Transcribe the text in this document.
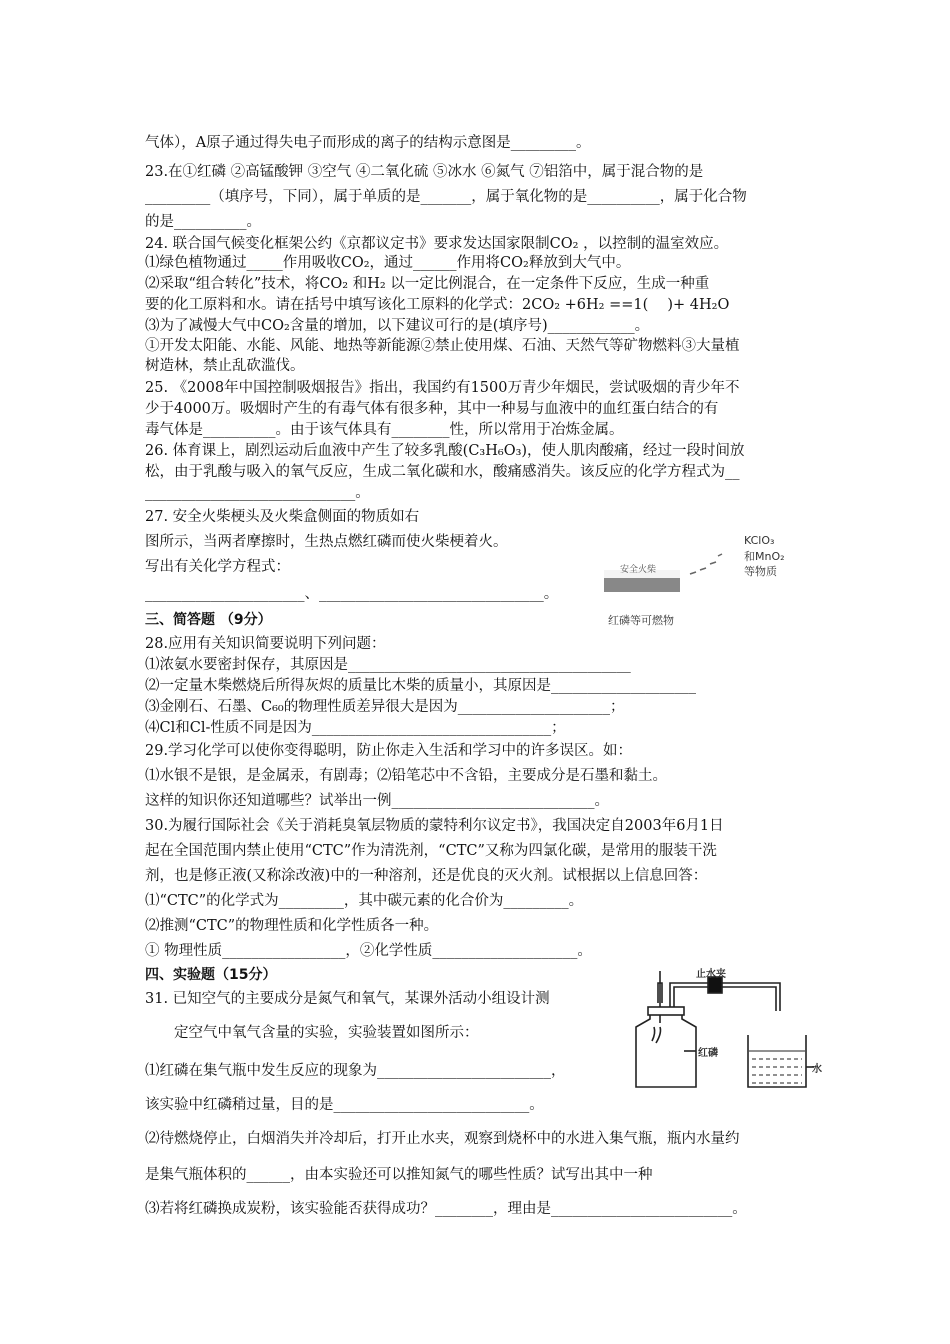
气体），A原子通过得失电子而形成的离子的结构示意图是_________。
23.在①红磷 ②高锰酸钾 ③空气 ④二氧化硫 ⑤冰水 ⑥氮气 ⑦铝箔中，属于混合物的是
_________（填序号，下同），属于单质的是_______，属于氧化物的是__________，属于化合物
的是__________。
24. 联合国气候变化框架公约《京都议定书》要求发达国家限制CO₂ ，以控制的温室效应。
⑴绿色植物通过_____作用吸收CO₂，通过______作用将CO₂释放到大气中。
⑵采取“组合转化”技术，将CO₂ 和H₂ 以一定比例混合，在一定条件下反应，生成一种重
要的化工原料和水。请在括号中填写该化工原料的化学式：2CO₂ +6H₂ ==1(　 )+ 4H₂O
⑶为了减慢大气中CO₂含量的增加，以下建议可行的是(填序号)____________。
①开发太阳能、水能、风能、地热等新能源②禁止使用煤、石油、天然气等矿物燃料③大量植
树造林，禁止乱砍滥伐。
25. 《2008年中国控制吸烟报告》指出，我国约有1500万青少年烟民，尝试吸烟的青少年不
少于4000万。吸烟时产生的有毒气体有很多种，其中一种易与血液中的血红蛋白结合的有
毒气体是__________。由于该气体具有________性，所以常用于冶炼金属。
26. 体育课上，剧烈运动后血液中产生了较多乳酸(C₃H₆O₃)，使人肌肉酸痛，经过一段时间放
松，由于乳酸与吸入的氧气反应，生成二氧化碳和水，酸痛感消失。该反应的化学方程式为__
_____________________________。
27. 安全火柴梗头及火柴盒侧面的物质如右
图所示，当两者摩擦时，生热点燃红磷而使火柴梗着火。
写出有关化学方程式：
______________________、_______________________________。
三、简答题 （9分）
28.应用有关知识简要说明下列问题：
⑴浓氨水要密封保存，其原因是_______________________________________
⑵一定量木柴燃烧后所得灰烬的质量比木柴的质量小，其原因是____________________
⑶金刚石、石墨、C₆₀的物理性质差异很大是因为_____________________；
⑷Cl和Cl-性质不同是因为_________________________________；
29.学习化学可以使你变得聪明，防止你走入生活和学习中的许多误区。如：
⑴水银不是银，是金属汞，有剧毒；⑵铅笔芯中不含铅，主要成分是石墨和黏土。
这样的知识你还知道哪些？试举出一例____________________________。
30.为履行国际社会《关于消耗臭氧层物质的蒙特利尔议定书》，我国决定自2003年6月1日
起在全国范围内禁止使用“CTC”作为清洗剂，“CTC”又称为四氯化碳，是常用的服装干洗
剂，也是修正液(又称涂改液)中的一种溶剂，还是优良的灭火剂。试根据以上信息回答：
⑴“CTC”的化学式为_________，其中碳元素的化合价为_________。
⑵推测“CTC”的物理性质和化学性质各一种。
① 物理性质_________________，②化学性质____________________。
四、实验题（15分）
31. 已知空气的主要成分是氮气和氧气，某课外活动小组设计测
　　定空气中氧气含量的实验，实验装置如图所示：
⑴红磷在集气瓶中发生反应的现象为________________________，
该实验中红磷稍过量，目的是___________________________。
⑵待燃烧停止，白烟消失并冷却后，打开止水夹，观察到烧杯中的水进入集气瓶，瓶内水量约
是集气瓶体积的______，由本实验还可以推知氮气的哪些性质？试写出其中一种
⑶若将红磷换成炭粉，该实验能否获得成功？________，理由是_________________________。
安全火柴
KClO₃
和MnO₂
等物质
红磷等可燃物
止水夹
红磷
水
